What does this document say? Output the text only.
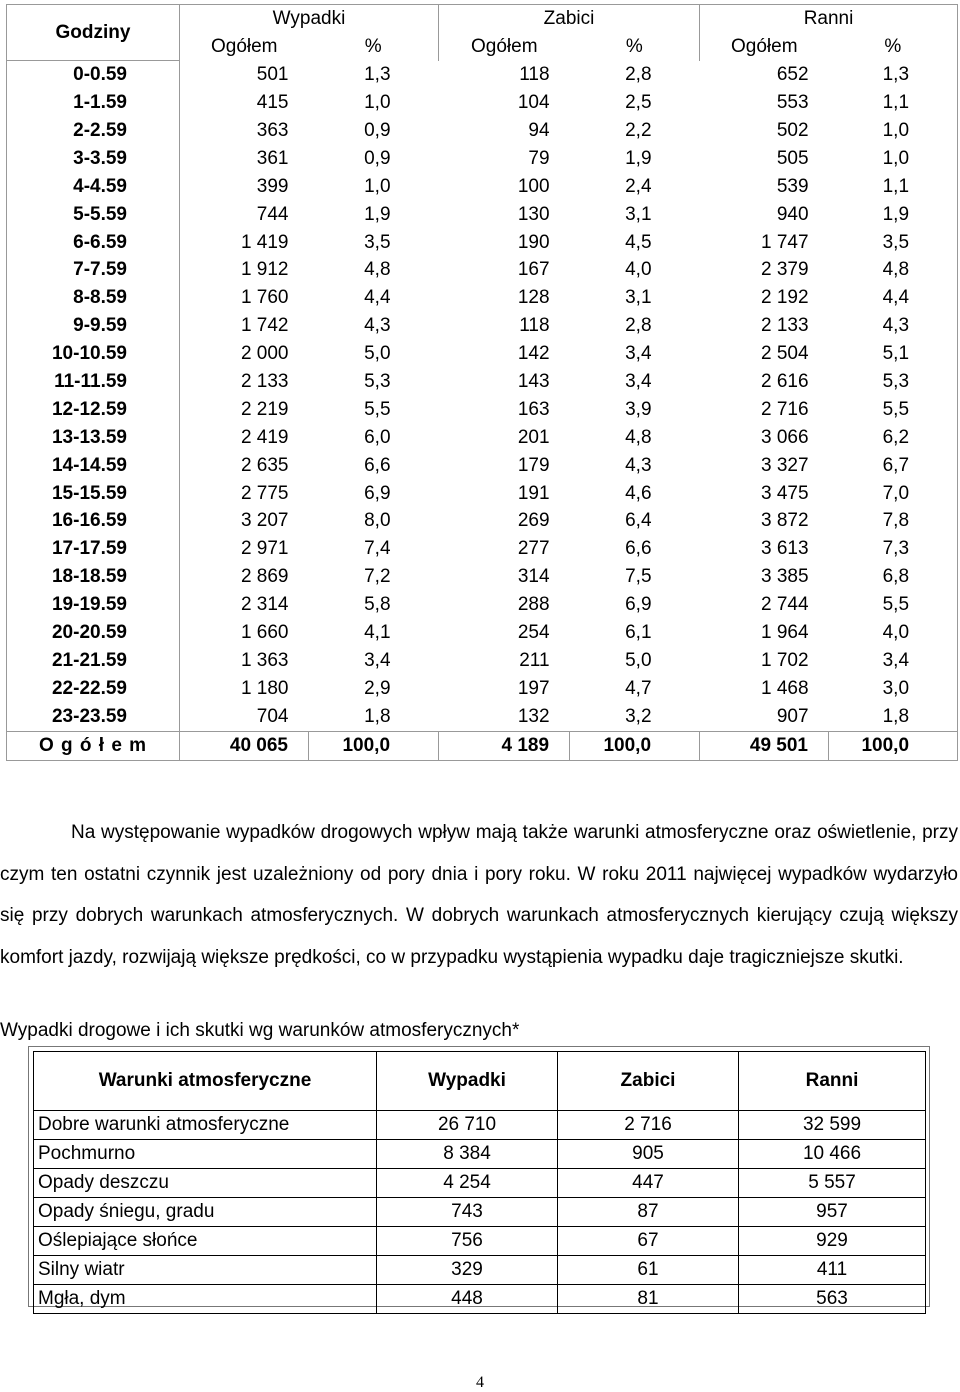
Godziny	Wypadki		Zabici		Ranni	
	Ogółem	%	Ogółem	%	Ogółem	%
0-0.59	501	1,3	118	2,8	652	1,3
1-1.59	415	1,0	104	2,5	553	1,1
2-2.59	363	0,9	94	2,2	502	1,0
3-3.59	361	0,9	79	1,9	505	1,0
4-4.59	399	1,0	100	2,4	539	1,1
5-5.59	744	1,9	130	3,1	940	1,9
6-6.59	1 419	3,5	190	4,5	1 747	3,5
7-7.59	1 912	4,8	167	4,0	2 379	4,8
8-8.59	1 760	4,4	128	3,1	2 192	4,4
9-9.59	1 742	4,3	118	2,8	2 133	4,3
10-10.59	2 000	5,0	142	3,4	2 504	5,1
11-11.59	2 133	5,3	143	3,4	2 616	5,3
12-12.59	2 219	5,5	163	3,9	2 716	5,5
13-13.59	2 419	6,0	201	4,8	3 066	6,2
14-14.59	2 635	6,6	179	4,3	3 327	6,7
15-15.59	2 775	6,9	191	4,6	3 475	7,0
16-16.59	3 207	8,0	269	6,4	3 872	7,8
17-17.59	2 971	7,4	277	6,6	3 613	7,3
18-18.59	2 869	7,2	314	7,5	3 385	6,8
19-19.59	2 314	5,8	288	6,9	2 744	5,5
20-20.59	1 660	4,1	254	6,1	1 964	4,0
21-21.59	1 363	3,4	211	5,0	1 702	3,4
22-22.59	1 180	2,9	197	4,7	1 468	3,0
23-23.59	704	1,8	132	3,2	907	1,8
O g ó ł e m	40 065	100,0	4 189	100,0	49 501	100,0

Na występowanie wypadków drogowych wpływ mają także warunki atmosferyczne oraz oświetlenie, przy czym ten ostatni czynnik jest uzależniony od pory dnia i pory roku. W roku 2011 najwięcej wypadków wydarzyło się przy dobrych warunkach atmosferycznych. W dobrych warunkach atmosferycznych kierujący czują większy komfort jazdy, rozwijają większe prędkości, co w przypadku wystąpienia wypadku daje tragiczniejsze skutki.

Wypadki drogowe i ich skutki wg warunków atmosferycznych*

Warunki atmosferyczne	Wypadki	Zabici	Ranni
Dobre warunki atmosferyczne	26 710	2 716	32 599
Pochmurno	8 384	905	10 466
Opady deszczu	4 254	447	5 557
Opady śniegu, gradu	743	87	957
Oślepiające słońce	756	67	929
Silny wiatr	329	61	411
Mgła, dym	448	81	563
4
